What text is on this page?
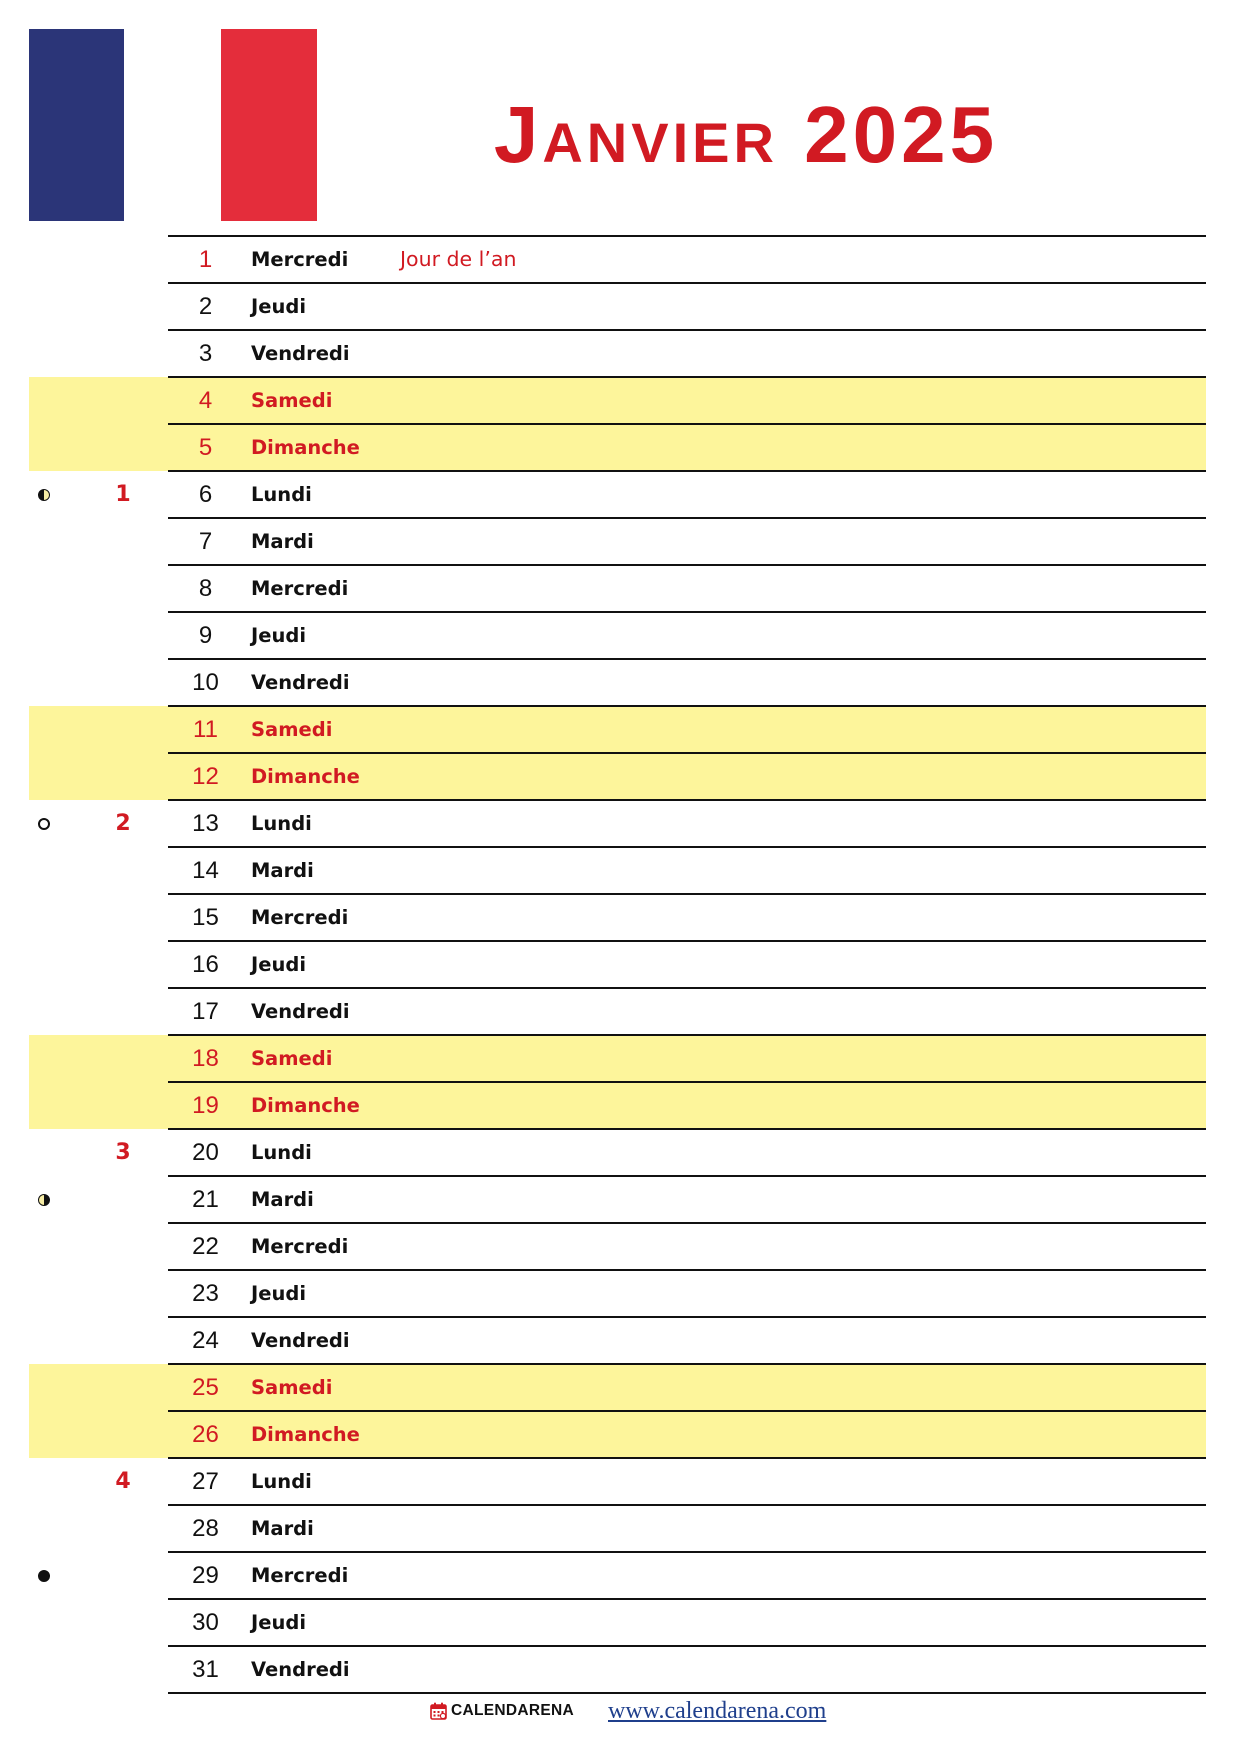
Janvier 2025
1	Mercredi	Jour de l’an
2	Jeudi
3	Vendredi
4	Samedi
5	Dimanche
1	6	Lundi
7	Mardi
8	Mercredi
9	Jeudi
10	Vendredi
11	Samedi
12	Dimanche
2	13	Lundi
14	Mardi
15	Mercredi
16	Jeudi
17	Vendredi
18	Samedi
19	Dimanche
3	20	Lundi
21	Mardi
22	Mercredi
23	Jeudi
24	Vendredi
25	Samedi
26	Dimanche
4	27	Lundi
28	Mardi
29	Mercredi
30	Jeudi
31	Vendredi
CALENDARENA www.calendarena.com
